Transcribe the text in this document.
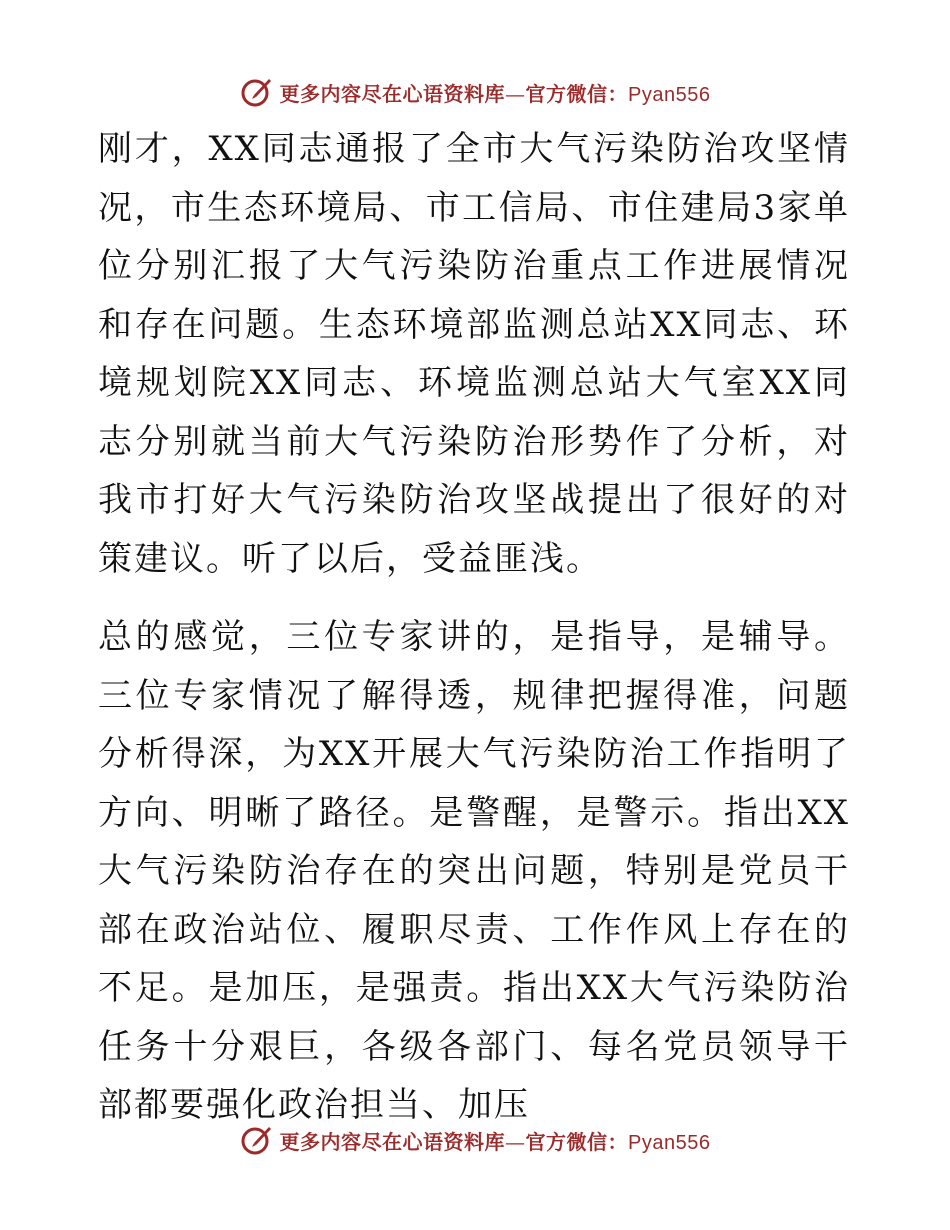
更多内容尽在心语资料库—官方微信：Pyan556

刚才，XX同志通报了全市大气污染防治攻坚情况，市生态环境局、市工信局、市住建局3家单位分别汇报了大气污染防治重点工作进展情况和存在问题。生态环境部监测总站XX同志、环境规划院XX同志、环境监测总站大气室XX同志分别就当前大气污染防治形势作了分析，对我市打好大气污染防治攻坚战提出了很好的对策建议。听了以后，受益匪浅。

总的感觉，三位专家讲的，是指导，是辅导。三位专家情况了解得透，规律把握得准，问题分析得深，为XX开展大气污染防治工作指明了方向、明晰了路径。是警醒，是警示。指出XX大气污染防治存在的突出问题，特别是党员干部在政治站位、履职尽责、工作作风上存在的不足。是加压，是强责。指出XX大气污染防治任务十分艰巨，各级各部门、每名党员领导干部都要强化政治担当、加压

更多内容尽在心语资料库—官方微信：Pyan556
